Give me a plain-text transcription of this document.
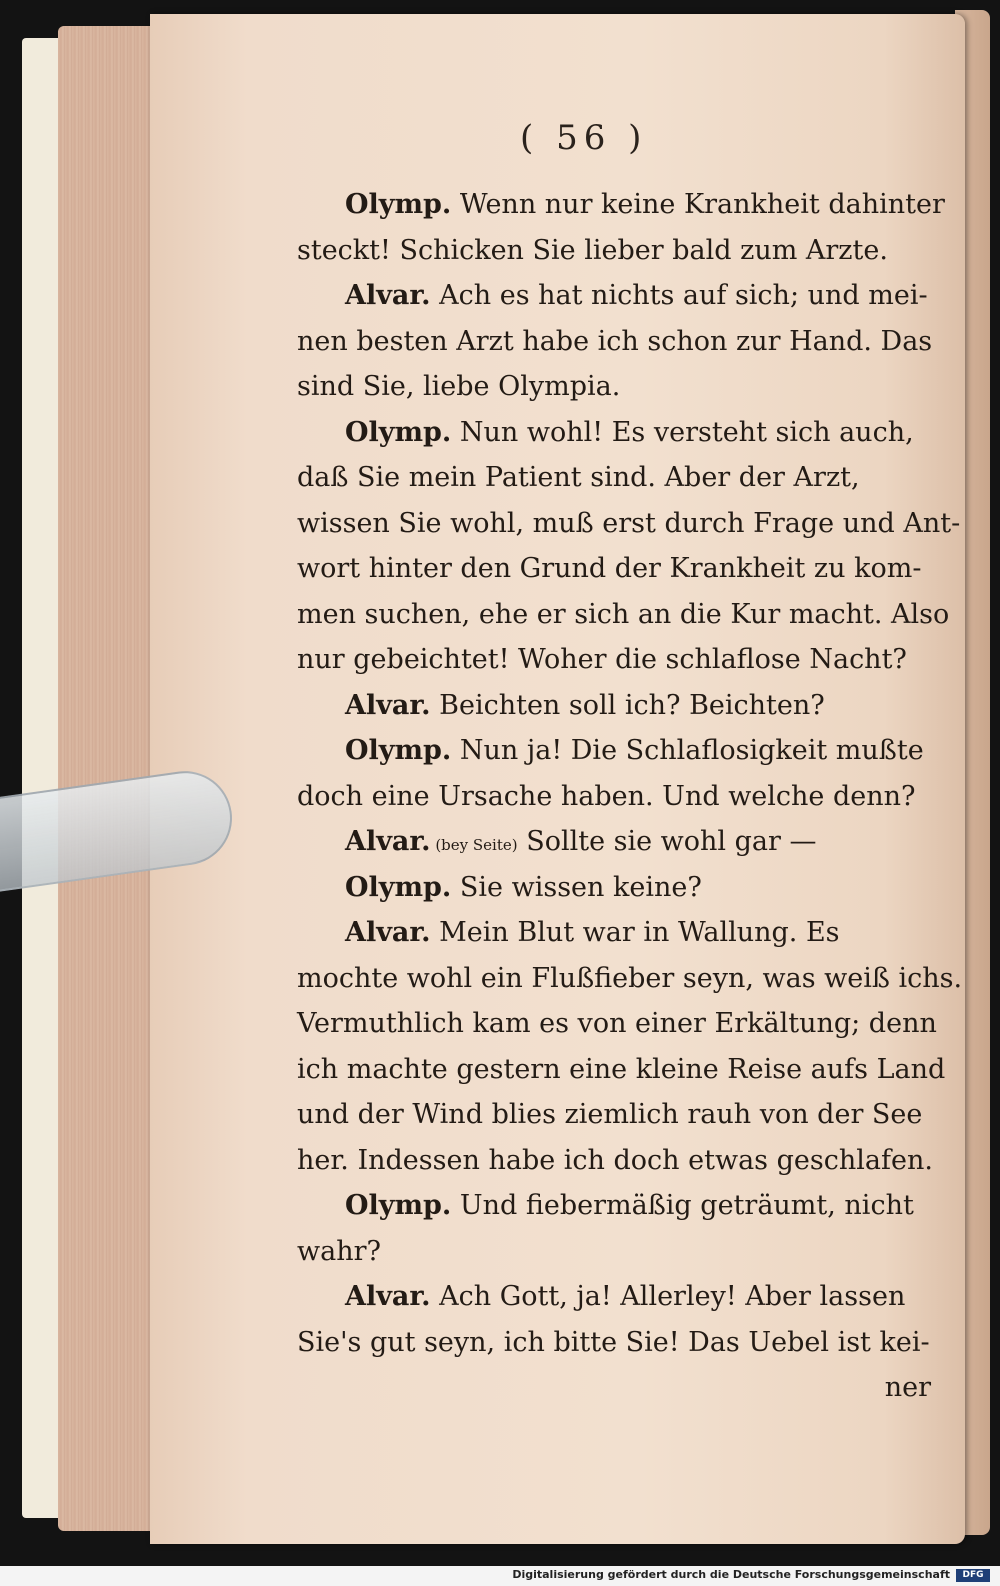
( 56 )
Olymp. Wenn nur keine Krankheit dahinter
steckt! Schicken Sie lieber bald zum Arzte.
Alvar. Ach es hat nichts auf sich; und mei-
nen besten Arzt habe ich schon zur Hand. Das
sind Sie, liebe Olympia.
Olymp. Nun wohl! Es versteht sich auch,
daß Sie mein Patient sind. Aber der Arzt,
wissen Sie wohl, muß erst durch Frage und Ant-
wort hinter den Grund der Krankheit zu kom-
men suchen, ehe er sich an die Kur macht. Also
nur gebeichtet! Woher die schlaflose Nacht?
Alvar. Beichten soll ich? Beichten?
Olymp. Nun ja! Die Schlaflosigkeit mußte
doch eine Ursache haben. Und welche denn?
Alvar. (bey Seite) Sollte sie wohl gar —
Olymp. Sie wissen keine?
Alvar. Mein Blut war in Wallung. Es
mochte wohl ein Flußfieber seyn, was weiß ichs.
Vermuthlich kam es von einer Erkältung; denn
ich machte gestern eine kleine Reise aufs Land
und der Wind blies ziemlich rauh von der See
her. Indessen habe ich doch etwas geschlafen.
Olymp. Und fiebermäßig geträumt, nicht
wahr?
Alvar. Ach Gott, ja! Allerley! Aber lassen
Sie's gut seyn, ich bitte Sie! Das Uebel ist kei-
ner
Digitalisierung gefördert durch die Deutsche Forschungsgemeinschaft	DFG
